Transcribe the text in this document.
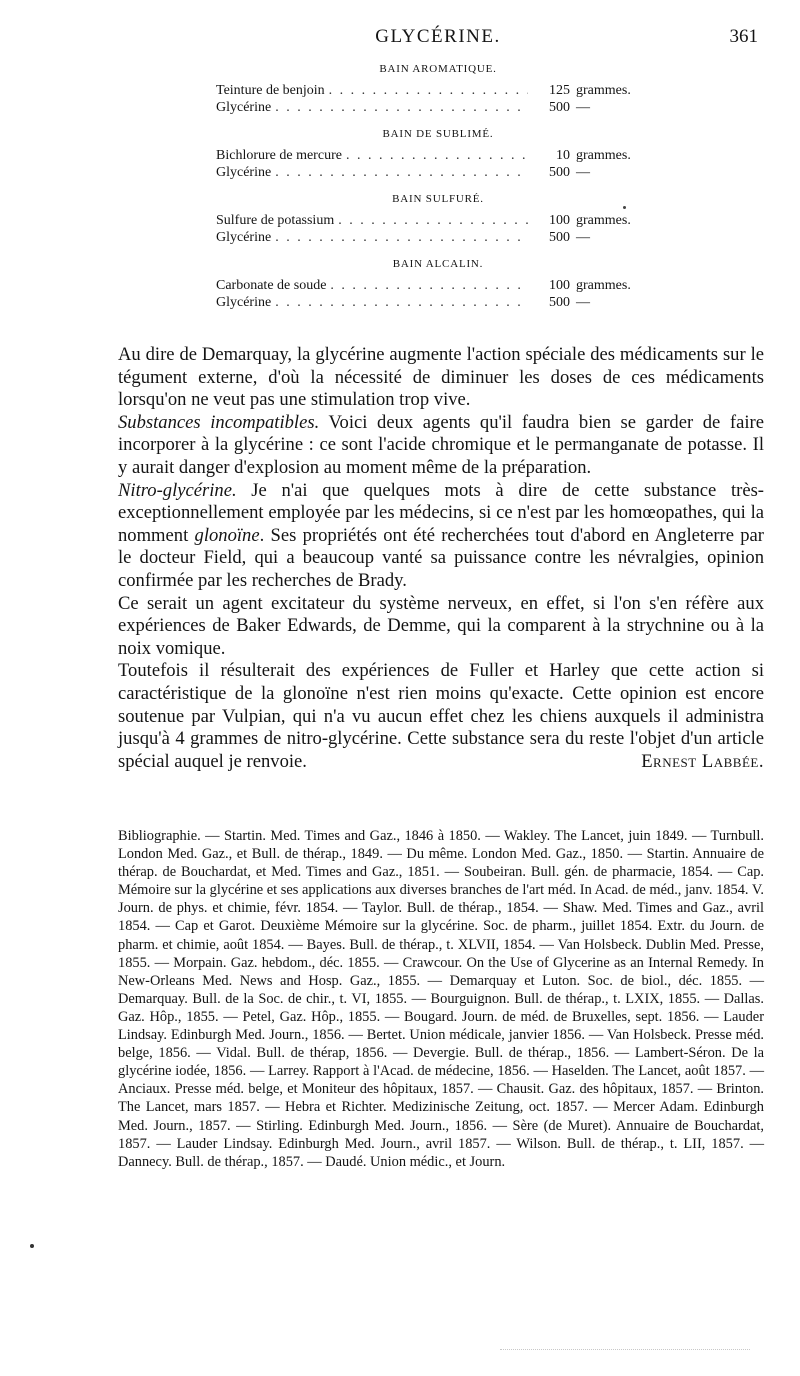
GLYCÉRINE.	361
BAIN AROMATIQUE.
Teinture de benjoin . . .	125 grammes.
Glycérine . . .	500 —
BAIN DE SUBLIMÉ.
Bichlorure de mercure . . .	10 grammes.
Glycérine . . .	500 —
BAIN SULFURÉ.
Sulfure de potassium . . .	100 grammes.
Glycérine . . .	500 —
BAIN ALCALIN.
Carbonate de soude . . .	100 grammes.
Glycérine . . .	500 —

Au dire de Demarquay, la glycérine augmente l'action spéciale des médicaments sur le tégument externe, d'où la nécessité de diminuer les doses de ces médicaments lorsqu'on ne veut pas une stimulation trop vive.

Substances incompatibles. Voici deux agents qu'il faudra bien se garder de faire incorporer à la glycérine : ce sont l'acide chromique et le permanganate de potasse. Il y aurait danger d'explosion au moment même de la préparation.

Nitro-glycérine. Je n'ai que quelques mots à dire de cette substance très-exceptionnellement employée par les médecins, si ce n'est par les homœopathes, qui la nomment glonoïne. Ses propriétés ont été recherchées tout d'abord en Angleterre par le docteur Field, qui a beaucoup vanté sa puissance contre les névralgies, opinion confirmée par les recherches de Brady.

Ce serait un agent excitateur du système nerveux, en effet, si l'on s'en réfère aux expériences de Baker Edwards, de Demme, qui la comparent à la strychnine ou à la noix vomique.

Toutefois il résulterait des expériences de Fuller et Harley que cette action si caractéristique de la glonoïne n'est rien moins qu'exacte. Cette opinion est encore soutenue par Vulpian, qui n'a vu aucun effet chez les chiens auxquels il administra jusqu'à 4 grammes de nitro-glycérine. Cette substance sera du reste l'objet d'un article spécial auquel je renvoie.	Ernest Labbée.

Bibliographie. — Startin. Med. Times and Gaz., 1846 à 1850. — Wakley. The Lancet, juin 1849. — Turnbull. London Med. Gaz., et Bull. de thérap., 1849. — Du même. London Med. Gaz., 1850. — Startin. Annuaire de thérap. de Bouchardat, et Med. Times and Gaz., 1851. — Soubeiran. Bull. gén. de pharmacie, 1854. — Cap. Mémoire sur la glycérine et ses applications aux diverses branches de l'art méd. In Acad. de méd., janv. 1854. V. Journ. de phys. et chimie, févr. 1854. — Taylor. Bull. de thérap., 1854. — Shaw. Med. Times and Gaz., avril 1854. — Cap et Garot. Deuxième Mémoire sur la glycérine. Soc. de pharm., juillet 1854. Extr. du Journ. de pharm. et chimie, août 1854. — Bayes. Bull. de thérap., t. XLVII, 1854. — Van Holsbeck. Dublin Med. Presse, 1855. — Morpain. Gaz. hebdom., déc. 1855. — Crawcour. On the Use of Glycerine as an Internal Remedy. In New-Orleans Med. News and Hosp. Gaz., 1855. — Demarquay et Luton. Soc. de biol., déc. 1855. — Demarquay. Bull. de la Soc. de chir., t. VI, 1855. — Bourguignon. Bull. de thérap., t. LXIX, 1855. — Dallas. Gaz. Hôp., 1855. — Petel, Gaz. Hôp., 1855. — Bougard. Journ. de méd. de Bruxelles, sept. 1856. — Lauder Lindsay. Edinburgh Med. Journ., 1856. — Bertet. Union médicale, janvier 1856. — Van Holsbeck. Presse méd. belge, 1856. — Vidal. Bull. de thérap, 1856. — Devergie. Bull. de thérap., 1856. — Lambert-Séron. De la glycérine iodée, 1856. — Larrey. Rapport à l'Acad. de médecine, 1856. — Haselden. The Lancet, août 1857. — Anciaux. Presse méd. belge, et Moniteur des hôpitaux, 1857. — Chausit. Gaz. des hôpitaux, 1857. — Brinton. The Lancet, mars 1857. — Hebra et Richter. Medizinische Zeitung, oct. 1857. — Mercer Adam. Edinburgh Med. Journ., 1857. — Stirling. Edinburgh Med. Journ., 1856. — Sère (de Muret). Annuaire de Bouchardat, 1857. — Lauder Lindsay. Edinburgh Med. Journ., avril 1857. — Wilson. Bull. de thérap., t. LII, 1857. — Dannecy. Bull. de thérap., 1857. — Daudé. Union médic., et Journ.
